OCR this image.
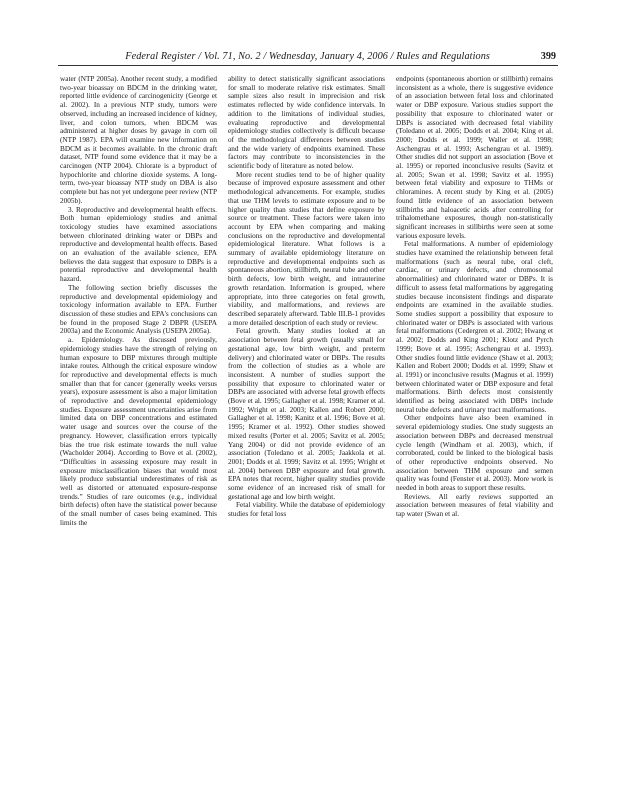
Federal Register / Vol. 71, No. 2 / Wednesday, January 4, 2006 / Rules and Regulations	399

water (NTP 2005a). Another recent study, a modified two-year bioassay on BDCM in the drinking water, reported little evidence of carcinogenicity (George et al. 2002). In a previous NTP study, tumors were observed, including an increased incidence of kidney, liver, and colon tumors, when BDCM was administered at higher doses by gavage in corn oil (NTP 1987). EPA will examine new information on BDCM as it becomes available. In the chronic draft dataset, NTP found some evidence that it may be a carcinogen (NTP 2004). Chlorate is a byproduct of hypochlorite and chlorine dioxide systems. A long-term, two-year bioassay NTP study on DBA is also complete but has not yet undergone peer review (NTP 2005b).

3. Reproductive and developmental health effects. Both human epidemiology studies and animal toxicology studies have examined associations between chlorinated drinking water or DBPs and reproductive and developmental health effects. Based on an evaluation of the available science, EPA believes the data suggest that exposure to DBPs is a potential reproductive and developmental health hazard.

The following section briefly discusses the reproductive and developmental epidemiology and toxicology information available to EPA. Further discussion of these studies and EPA's conclusions can be found in the proposed Stage 2 DBPR (USEPA 2003a) and the Economic Analysis (USEPA 2005a).

a. Epidemiology. As discussed previously, epidemiology studies have the strength of relying on human exposure to DBP mixtures through multiple intake routes. Although the critical exposure window for reproductive and developmental effects is much smaller than that for cancer (generally weeks versus years), exposure assessment is also a major limitation of reproductive and developmental epidemiology studies. Exposure assessment uncertainties arise from limited data on DBP concentrations and estimated water usage and sources over the course of the pregnancy. However, classification errors typically bias the true risk estimate towards the null value (Wacholder 2004). According to Bove et al. (2002), “Difficulties in assessing exposure may result in exposure misclassification biases that would most likely produce substantial underestimates of risk as well as distorted or attenuated exposure-response trends.” Studies of rare outcomes (e.g., individual birth defects) often have the statistical power because of the small number of cases being examined. This limits the

ability to detect statistically significant associations for small to moderate relative risk estimates. Small sample sizes also result in imprecision and risk estimates reflected by wide confidence intervals. In addition to the limitations of individual studies, evaluating reproductive and developmental epidemiology studies collectively is difficult because of the methodological differences between studies and the wide variety of endpoints examined. These factors may contribute to inconsistencies in the scientific body of literature as noted below.

More recent studies tend to be of higher quality because of improved exposure assessment and other methodological advancements. For example, studies that use THM levels to estimate exposure and to be higher quality than studies that define exposure by source or treatment. These factors were taken into account by EPA when comparing and making conclusions on the reproductive and developmental epidemiological literature. What follows is a summary of available epidemiology literature on reproductive and developmental endpoints such as spontaneous abortion, stillbirth, neural tube and other birth defects, low birth weight, and intrauterine growth retardation. Information is grouped, where appropriate, into three categories on fetal growth, viability, and malformations, and reviews are described separately afterward. Table III.B-1 provides a more detailed description of each study or review.

Fetal growth. Many studies looked at an association between fetal growth (usually small for gestational age, low birth weight, and preterm delivery) and chlorinated water or DBPs. The results from the collection of studies as a whole are inconsistent. A number of studies support the possibility that exposure to chlorinated water or DBPs are associated with adverse fetal growth effects (Bove et al. 1995; Gallagher et al. 1998; Kramer et al. 1992; Wright et al. 2003; Kallen and Robert 2000; Gallagher et al. 1998; Kanitz et al. 1996; Bove et al. 1995; Kramer et al. 1992). Other studies showed mixed results (Porter et al. 2005; Savitz et al. 2005; Yang 2004) or did not provide evidence of an association (Toledano et al. 2005; Jaakkola et al. 2001; Dodds et al. 1999; Savitz et al. 1995; Wright et al. 2004) between DBP exposure and fetal growth. EPA notes that recent, higher quality studies provide some evidence of an increased risk of small for gestational age and low birth weight.

Fetal viability. While the database of epidemiology studies for fetal loss

endpoints (spontaneous abortion or stillbirth) remains inconsistent as a whole, there is suggestive evidence of an association between fetal loss and chlorinated water or DBP exposure. Various studies support the possibility that exposure to chlorinated water or DBPs is associated with decreased fetal viability (Toledano et al. 2005; Dodds et al. 2004; King et al. 2000; Dodds et al. 1999; Waller et al. 1998; Aschengrau et al. 1993; Aschengrau et al. 1989). Other studies did not support an association (Bove et al. 1995) or reported inconclusive results (Savitz et al. 2005; Swan et al. 1998; Savitz et al. 1995) between fetal viability and exposure to THMs or chloramines. A recent study by King et al. (2005) found little evidence of an association between stillbirths and haloacetic acids after controlling for trihalomethane exposures, though non-statistically significant increases in stillbirths were seen at some various exposure levels.

Fetal malformations. A number of epidemiology studies have examined the relationship between fetal malformations (such as neural tube, oral cleft, cardiac, or urinary defects, and chromosomal abnormalities) and chlorinated water or DBPs. It is difficult to assess fetal malformations by aggregating studies because inconsistent findings and disparate endpoints are examined in the available studies. Some studies support a possibility that exposure to chlorinated water or DBPs is associated with various fetal malformations (Cedergren et al. 2002; Hwang et al. 2002; Dodds and King 2001; Klotz and Pyrch 1999; Bove et al. 1995; Aschengrau et al. 1993). Other studies found little evidence (Shaw et al. 2003; Kallen and Robert 2000; Dodds et al. 1999; Shaw et al. 1991) or inconclusive results (Magnus et al. 1999) between chlorinated water or DBP exposure and fetal malformations. Birth defects most consistently identified as being associated with DBPs include neural tube defects and urinary tract malformations.

Other endpoints have also been examined in several epidemiology studies. One study suggests an association between DBPs and decreased menstrual cycle length (Windham et al. 2003), which, if corroborated, could be linked to the biological basis of other reproductive endpoints observed. No association between THM exposure and semen quality was found (Fenster et al. 2003). More work is needed in both areas to support these results.

Reviews. All early reviews supported an association between measures of fetal viability and tap water (Swan et al.
